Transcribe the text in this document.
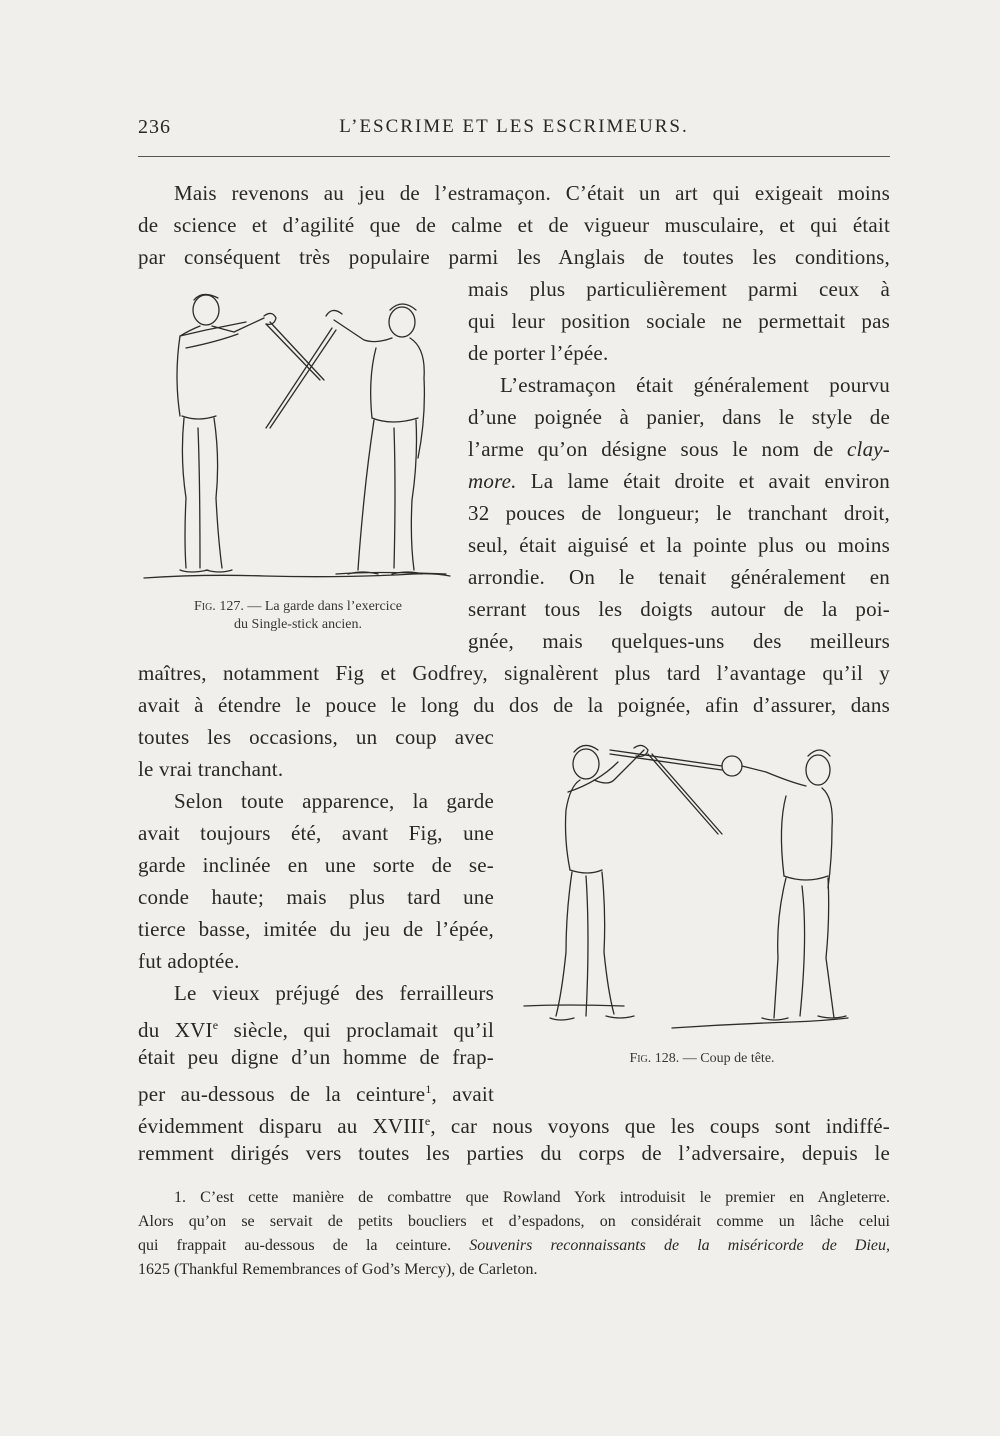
236	L’ESCRIME ET LES ESCRIMEURS.
Mais revenons au jeu de l’estramaçon. C’était un art qui exigeait moins
de science et d’agilité que de calme et de vigueur musculaire, et qui était
par conséquent très populaire parmi les Anglais de toutes les conditions,
mais plus particulièrement parmi ceux à
qui leur position sociale ne permettait pas
de porter l’épée.
L’estramaçon était généralement pourvu
d’une poignée à panier, dans le style de
l’arme qu’on désigne sous le nom de clay-
more. La lame était droite et avait environ
32 pouces de longueur; le tranchant droit,
seul, était aiguisé et la pointe plus ou moins
arrondie. On le tenait généralement en
serrant tous les doigts autour de la poi-
gnée, mais quelques-uns des meilleurs
maîtres, notamment Fig et Godfrey, signalèrent plus tard l’avantage qu’il y
avait à étendre le pouce le long du dos de la poignée, afin d’assurer, dans
toutes les occasions, un coup avec
le vrai tranchant.
Selon toute apparence, la garde
avait toujours été, avant Fig, une
garde inclinée en une sorte de se-
conde haute; mais plus tard une
tierce basse, imitée du jeu de l’épée,
fut adoptée.
Le vieux préjugé des ferrailleurs
du XVIe siècle, qui proclamait qu’il
était peu digne d’un homme de frap-
per au-dessous de la ceinture$^1$, avait
évidemment disparu au XVIIIe, car nous voyons que les coups sont indiffé-
remment dirigés vers toutes les parties du corps de l’adversaire, depuis le
Fig. 127. — La garde dans l’exercice
du Single-stick ancien.
Fig. 128. — Coup de tête.
1. C’est cette manière de combattre que Rowland York introduisit le premier en Angleterre.
Alors qu’on se servait de petits boucliers et d’espadons, on considérait comme un lâche celui
qui frappait au-dessous de la ceinture. Souvenirs reconnaissants de la miséricorde de Dieu,
1625 (Thankful Remembrances of God’s Mercy), de Carleton.
